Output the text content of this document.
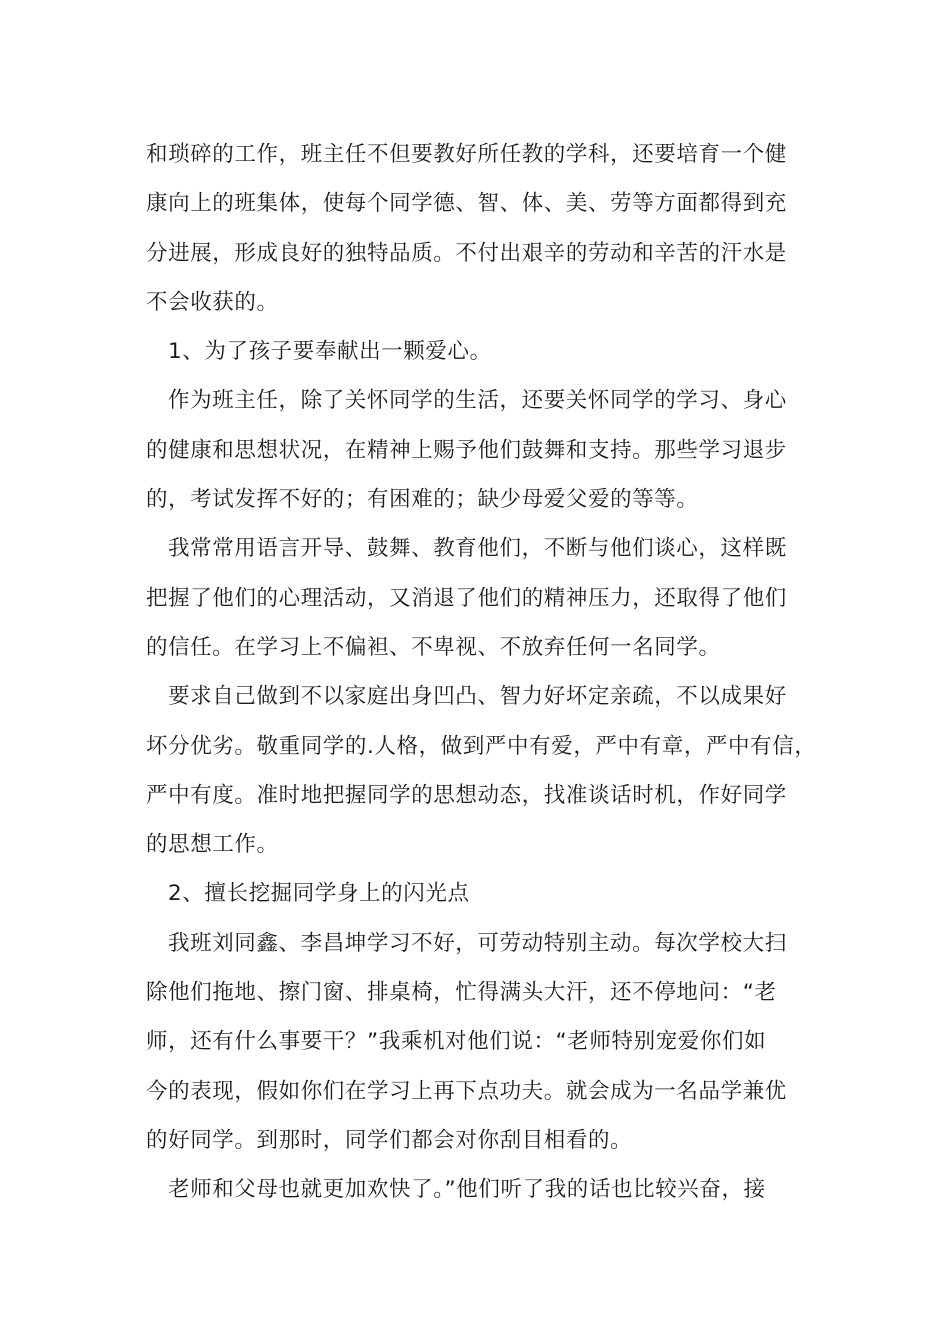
和琐碎的工作，班主任不但要教好所任教的学科，还要培育一个健
康向上的班集体，使每个同学德、智、体、美、劳等方面都得到充
分进展，形成良好的独特品质。不付出艰辛的劳动和辛苦的汗水是
不会收获的。
1、为了孩子要奉献出一颗爱心。
作为班主任，除了关怀同学的生活，还要关怀同学的学习、身心
的健康和思想状况，在精神上赐予他们鼓舞和支持。那些学习退步
的，考试发挥不好的；有困难的；缺少母爱父爱的等等。
我常常用语言开导、鼓舞、教育他们，不断与他们谈心，这样既
把握了他们的心理活动，又消退了他们的精神压力，还取得了他们
的信任。在学习上不偏袒、不卑视、不放弃任何一名同学。
要求自己做到不以家庭出身凹凸、智力好坏定亲疏，不以成果好
坏分优劣。敬重同学的.人格，做到严中有爱，严中有章，严中有信，
严中有度。准时地把握同学的思想动态，找准谈话时机，作好同学
的思想工作。
2、擅长挖掘同学身上的闪光点
我班刘同鑫、李昌坤学习不好，可劳动特别主动。每次学校大扫
除他们拖地、擦门窗、排桌椅，忙得满头大汗，还不停地问：“老
师，还有什么事要干？”我乘机对他们说：“老师特别宠爱你们如
今的表现，假如你们在学习上再下点功夫。就会成为一名品学兼优
的好同学。到那时，同学们都会对你刮目相看的。
老师和父母也就更加欢快了。”他们听了我的话也比较兴奋，接
